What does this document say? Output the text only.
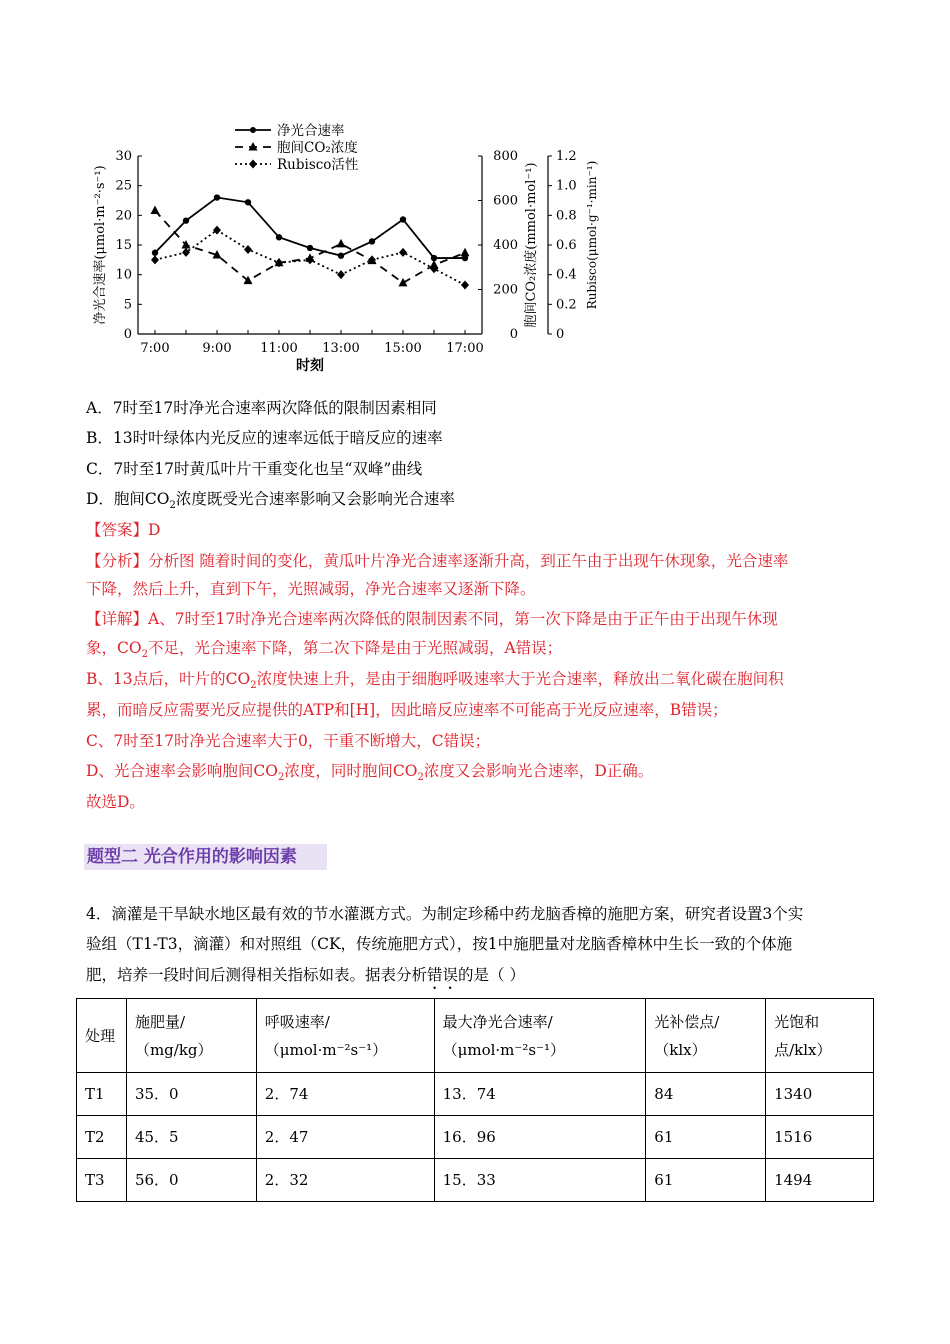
0
5
10
15
20
25
30
0
200
400
600
800
0
0.2
0.4
0.6
0.8
1.0
1.2
7:00	9:00 11:00 13:00 15:00 17:00
时刻
净光合速率(μmol·m⁻²·s⁻¹)	胞间CO₂浓度(mmol·mol⁻¹)	Rubisco(μmol·g⁻¹·min⁻¹)
净光合速率
胞间CO₂浓度
Rubisco活性
A．7时至17时净光合速率两次降低的限制因素相同
B．13时叶绿体内光反应的速率远低于暗反应的速率
C．7时至17时黄瓜叶片干重变化也呈“双峰”曲线
D．胞间$CO_2$浓度既受光合速率影响又会影响光合速率
【答案】D
【分析】分析图 随着时间的变化，黄瓜叶片净光合速率逐渐升高，到正午由于出现午休现象，光合速率
下降，然后上升，直到下午，光照减弱，净光合速率又逐渐下降。
【详解】A、7时至17时净光合速率两次降低的限制因素不同，第一次下降是由于正午由于出现午休现
象，$CO_2$不足，光合速率下降，第二次下降是由于光照减弱，A错误；
B、13点后，叶片的$CO_2$浓度快速上升，是由于细胞呼吸速率大于光合速率，释放出二氧化碳在胞间积
累，而暗反应需要光反应提供的ATP和[H]，因此暗反应速率不可能高于光反应速率，B错误；
C、7时至17时净光合速率大于0，干重不断增大，C错误；
D、光合速率会影响胞间$CO_2$浓度，同时胞间$CO_2$浓度又会影响光合速率，D正确。
故选D。
题型二 光合作用的影响因素
4．滴灌是干旱缺水地区最有效的节水灌溉方式。为制定珍稀中药龙脑香樟的施肥方案，研究者设置3个实
验组（T1-T3，滴灌）和对照组（CK，传统施肥方式），按1中施肥量对龙脑香樟林中生长一致的个体施
肥，培养一段时间后测得相关指标如表。据表分析错误的是（ ）
处理	施肥量/（mg/kg）	呼吸速率/（μmol·m⁻²s⁻¹）	最大净光合速率/（μmol·m⁻²s⁻¹）	光补偿点/（klx）	光饱和点/klx）
T1	35．0	2．74	13．74	84	1340
T2	45．5	2．47	16．96	61	1516
T3	56．0	2．32	15．33	61	1494
